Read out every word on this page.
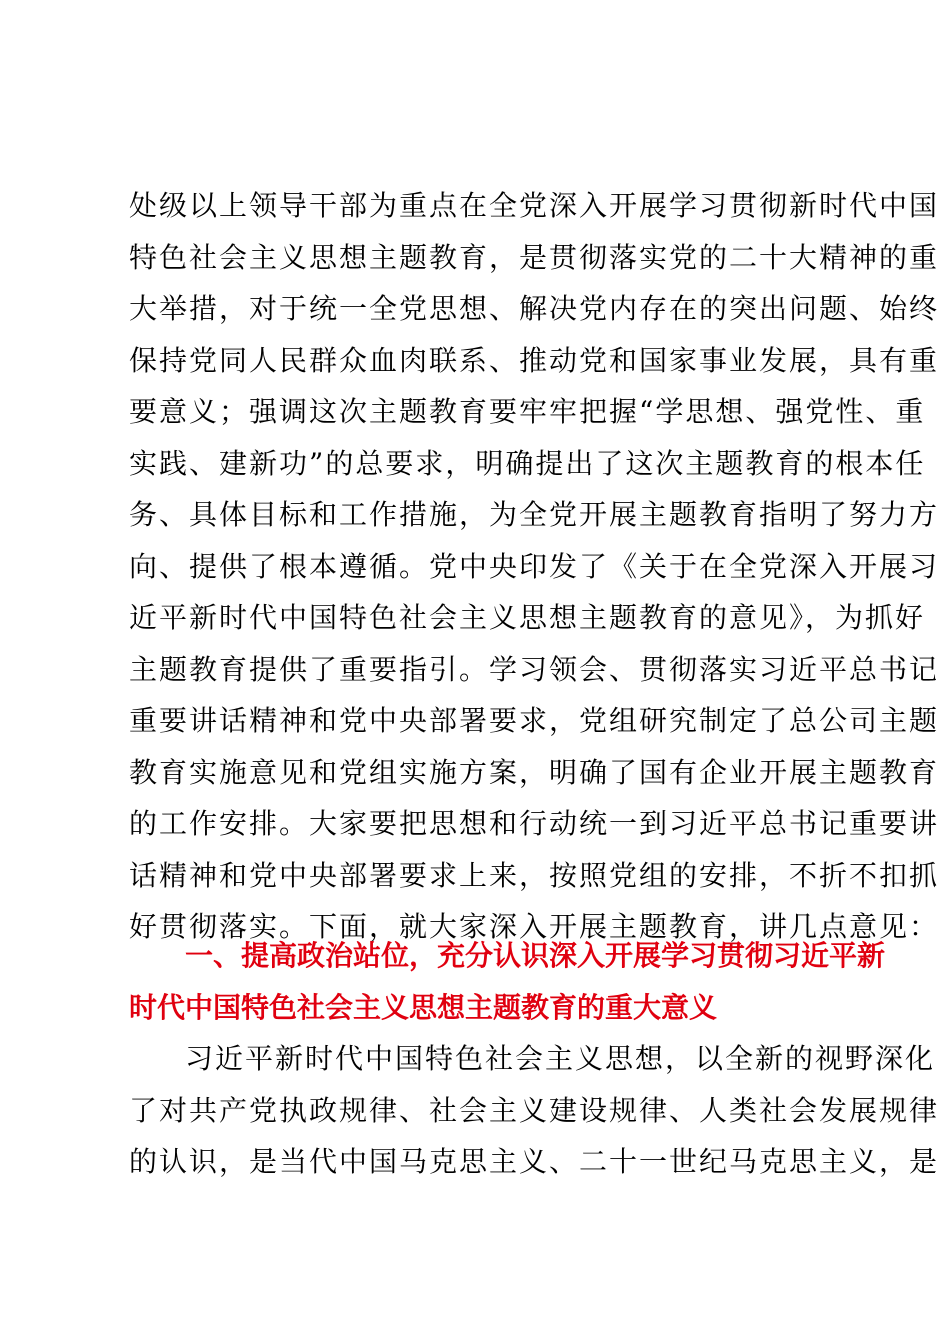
处级以上领导干部为重点在全党深入开展学习贯彻新时代中国
特色社会主义思想主题教育，是贯彻落实党的二十大精神的重
大举措，对于统一全党思想、解决党内存在的突出问题、始终
保持党同人民群众血肉联系、推动党和国家事业发展，具有重
要意义；强调这次主题教育要牢牢把握“学思想、强党性、重
实践、建新功”的总要求，明确提出了这次主题教育的根本任
务、具体目标和工作措施，为全党开展主题教育指明了努力方
向、提供了根本遵循。党中央印发了《关于在全党深入开展习
近平新时代中国特色社会主义思想主题教育的意见》，为抓好
主题教育提供了重要指引。学习领会、贯彻落实习近平总书记
重要讲话精神和党中央部署要求，党组研究制定了总公司主题
教育实施意见和党组实施方案，明确了国有企业开展主题教育
的工作安排。大家要把思想和行动统一到习近平总书记重要讲
话精神和党中央部署要求上来，按照党组的安排，不折不扣抓
好贯彻落实。下面，就大家深入开展主题教育，讲几点意见：
一、提高政治站位，充分认识深入开展学习贯彻习近平新
时代中国特色社会主义思想主题教育的重大意义
习近平新时代中国特色社会主义思想，以全新的视野深化
了对共产党执政规律、社会主义建设规律、人类社会发展规律
的认识，是当代中国马克思主义、二十一世纪马克思主义，是
